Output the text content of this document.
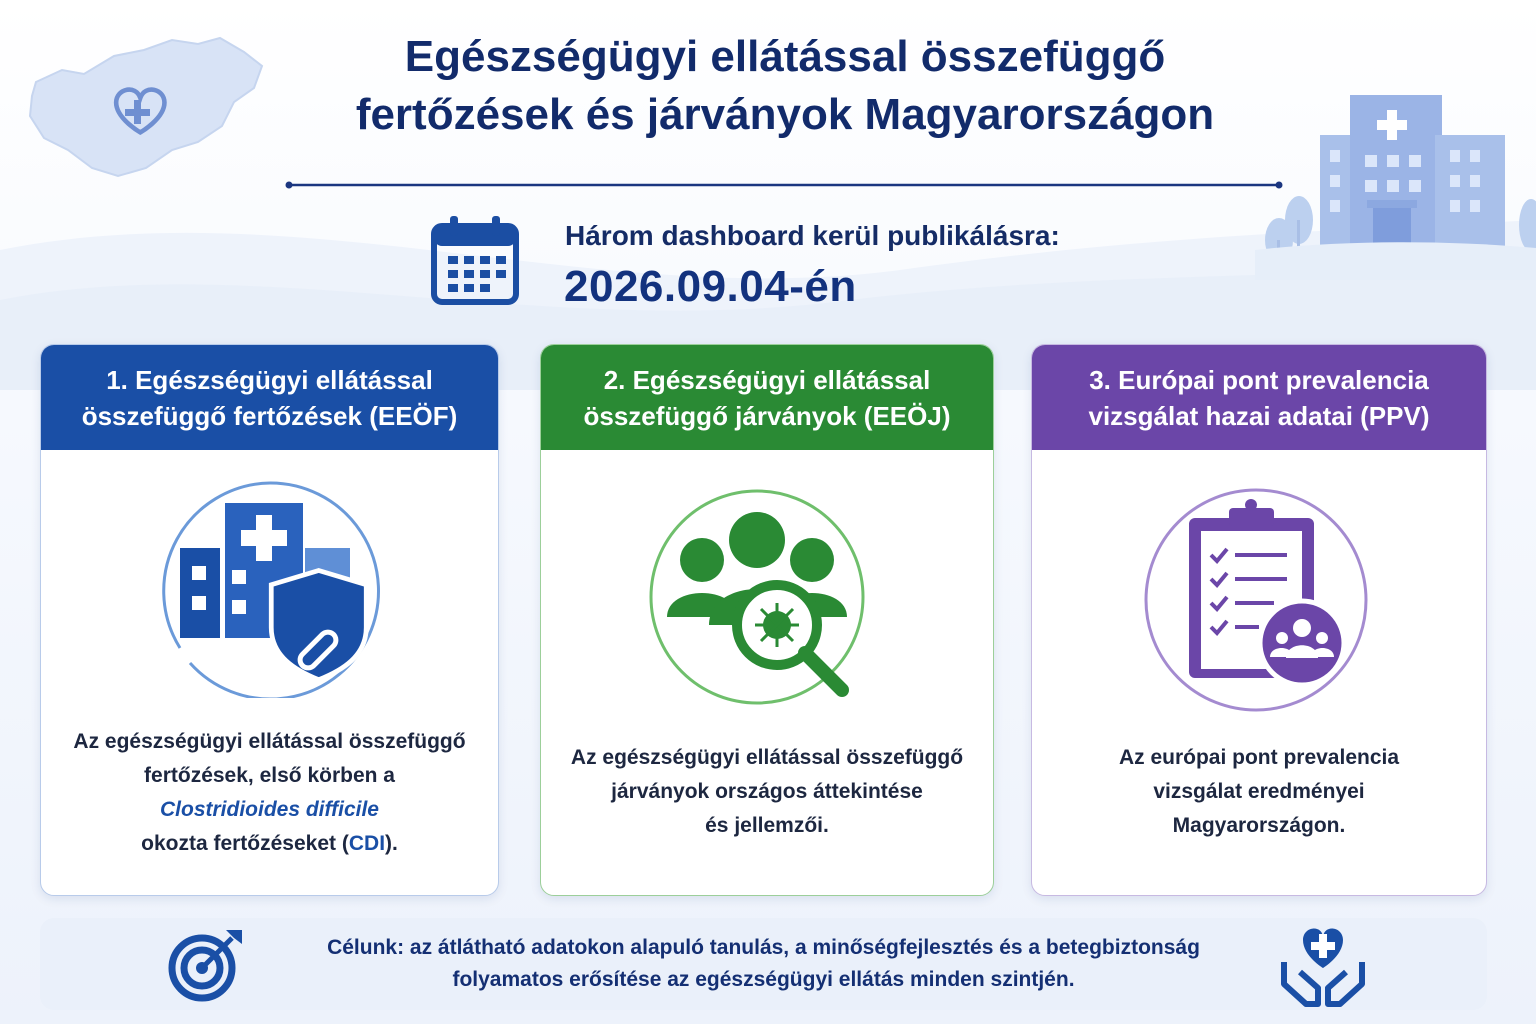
Egészségügyi ellátással összefüggő
fertőzések és járványok Magyarországon
Három dashboard kerül publikálásra:
2026.09.04-én
1. Egészségügyi ellátással
összefüggő fertőzések (EEÖF)
Az egészségügyi ellátással összefüggő
fertőzések, első körben a
Clostridioides difficile
okozta fertőzéseket (CDI).
2. Egészségügyi ellátással
összefüggő járványok (EEÖJ)
Az egészségügyi ellátással összefüggő
járványok országos áttekintése
és jellemzői.
3. Európai pont prevalencia
vizsgálat hazai adatai (PPV)
Az európai pont prevalencia
vizsgálat eredményei
Magyarországon.
Célunk: az átlátható adatokon alapuló tanulás, a minőségfejlesztés és a betegbiztonság
folyamatos erősítése az egészségügyi ellátás minden szintjén.
